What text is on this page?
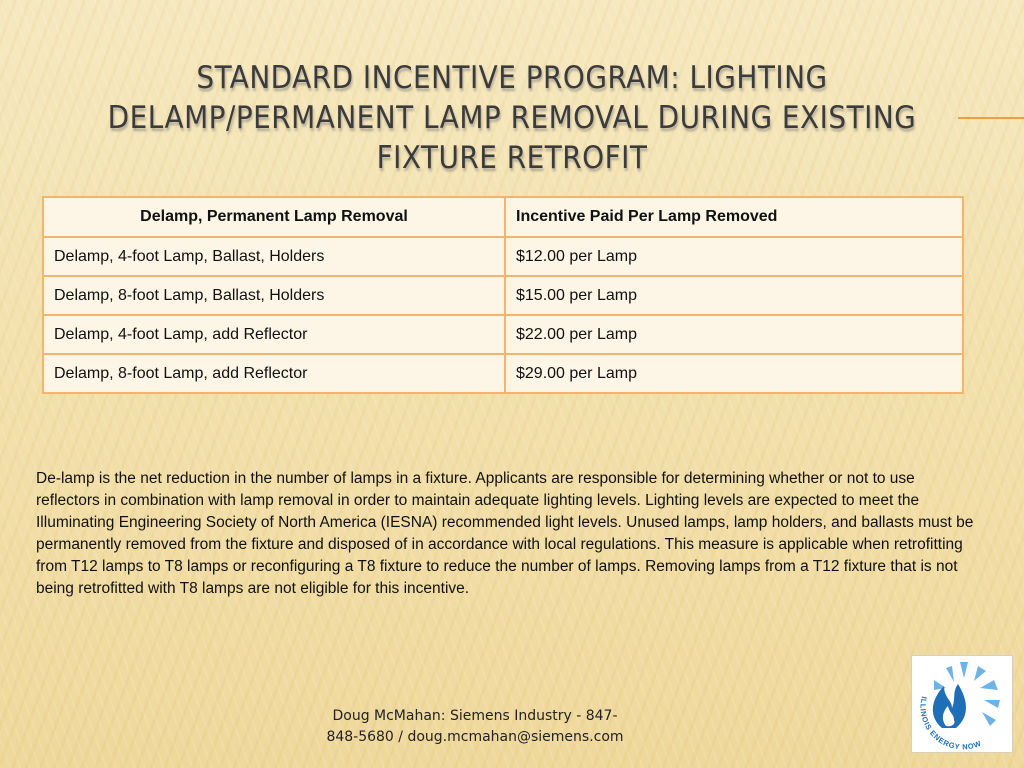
STANDARD INCENTIVE PROGRAM: LIGHTING
DELAMP/PERMANENT LAMP REMOVAL DURING EXISTING
FIXTURE RETROFIT
Delamp, Permanent Lamp Removal	Incentive Paid Per Lamp Removed
Delamp, 4-foot Lamp, Ballast, Holders	$12.00 per Lamp
Delamp, 8-foot Lamp, Ballast, Holders	$15.00 per Lamp
Delamp, 4-foot Lamp, add Reflector	$22.00 per Lamp
Delamp, 8-foot Lamp, add Reflector	$29.00 per Lamp

De-lamp is the net reduction in the number of lamps in a fixture. Applicants are responsible for determining whether or not to use reflectors in combination with lamp removal in order to maintain adequate lighting levels. Lighting levels are expected to meet the Illuminating Engineering Society of North America (IESNA) recommended light levels. Unused lamps, lamp holders, and ballasts must be permanently removed from the fixture and disposed of in accordance with local regulations. This measure is applicable when retrofitting from T12 lamps to T8 lamps or reconfiguring a T8 fixture to reduce the number of lamps. Removing lamps from a T12 fixture that is not being retrofitted with T8 lamps are not eligible for this incentive.

Doug McMahan: Siemens Industry - 847-
848-5680 / doug.mcmahan@siemens.com
ILLINOIS ENERGY NOW
